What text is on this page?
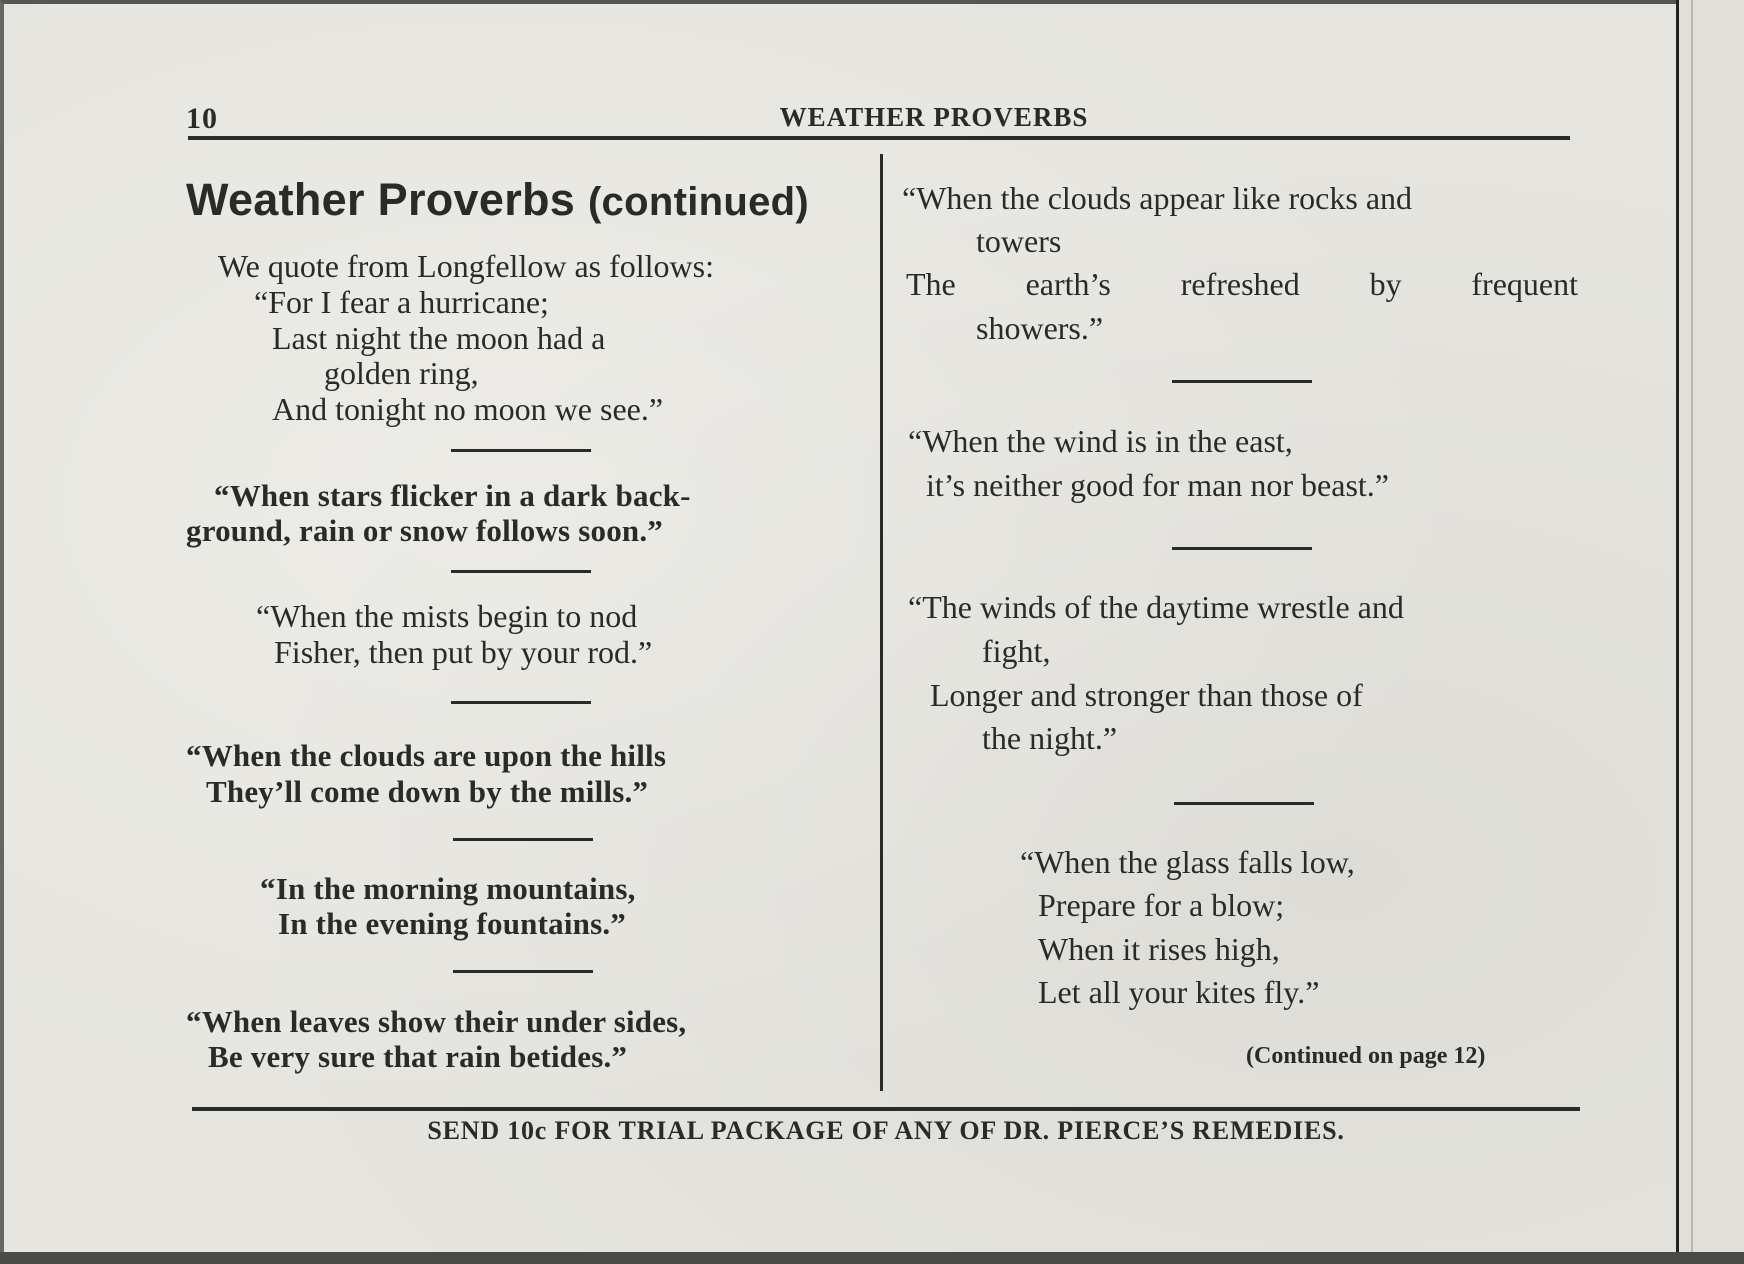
10	WEATHER PROVERBS
Weather Proverbs (continued)
We quote from Longfellow as follows:
“For I fear a hurricane;
Last night the moon had a
golden ring,
And tonight no moon we see.”
“When stars flicker in a dark back-
ground, rain or snow follows soon.”
“When the mists begin to nod
Fisher, then put by your rod.”
“When the clouds are upon the hills
They’ll come down by the mills.”
“In the morning mountains,
In the evening fountains.”
“When leaves show their under sides,
Be very sure that rain betides.”
“When the clouds appear like rocks and
towers
The earth’s refreshed by frequent
showers.”
“When the wind is in the east,
it’s neither good for man nor beast.”
“The winds of the daytime wrestle and
fight,
Longer and stronger than those of
the night.”
“When the glass falls low,
Prepare for a blow;
When it rises high,
Let all your kites fly.”
(Continued on page 12)
SEND 10c FOR TRIAL PACKAGE OF ANY OF DR. PIERCE’S REMEDIES.
